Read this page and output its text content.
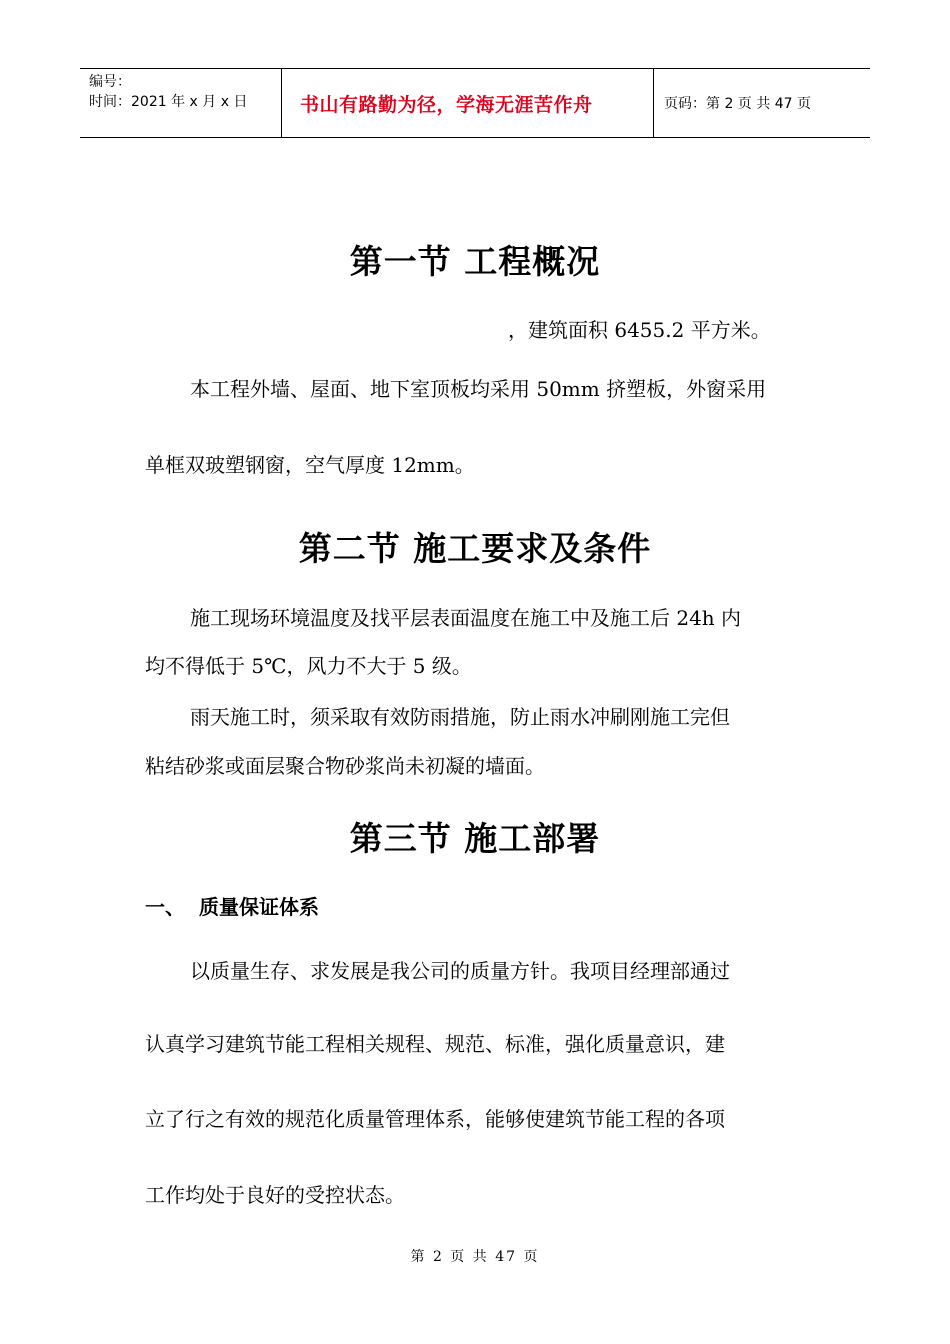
编号：
时间：2021 年 x 月 x 日	书山有路勤为径，学海无涯苦作舟	页码：第 2 页 共 47 页
第一节 工程概况
，建筑面积 6455.2 平方米。
本工程外墙、屋面、地下室顶板均采用 50mm 挤塑板，外窗采用
单框双玻塑钢窗，空气厚度 12mm。
第二节 施工要求及条件
施工现场环境温度及找平层表面温度在施工中及施工后 24h 内
均不得低于 5℃，风力不大于 5 级。
雨天施工时，须采取有效防雨措施，防止雨水冲刷刚施工完但
粘结砂浆或面层聚合物砂浆尚未初凝的墙面。
第三节 施工部署
一、 质量保证体系
以质量生存、求发展是我公司的质量方针。我项目经理部通过
认真学习建筑节能工程相关规程、规范、标准，强化质量意识，建
立了行之有效的规范化质量管理体系，能够使建筑节能工程的各项
工作均处于良好的受控状态。
第 2 页 共 47 页
